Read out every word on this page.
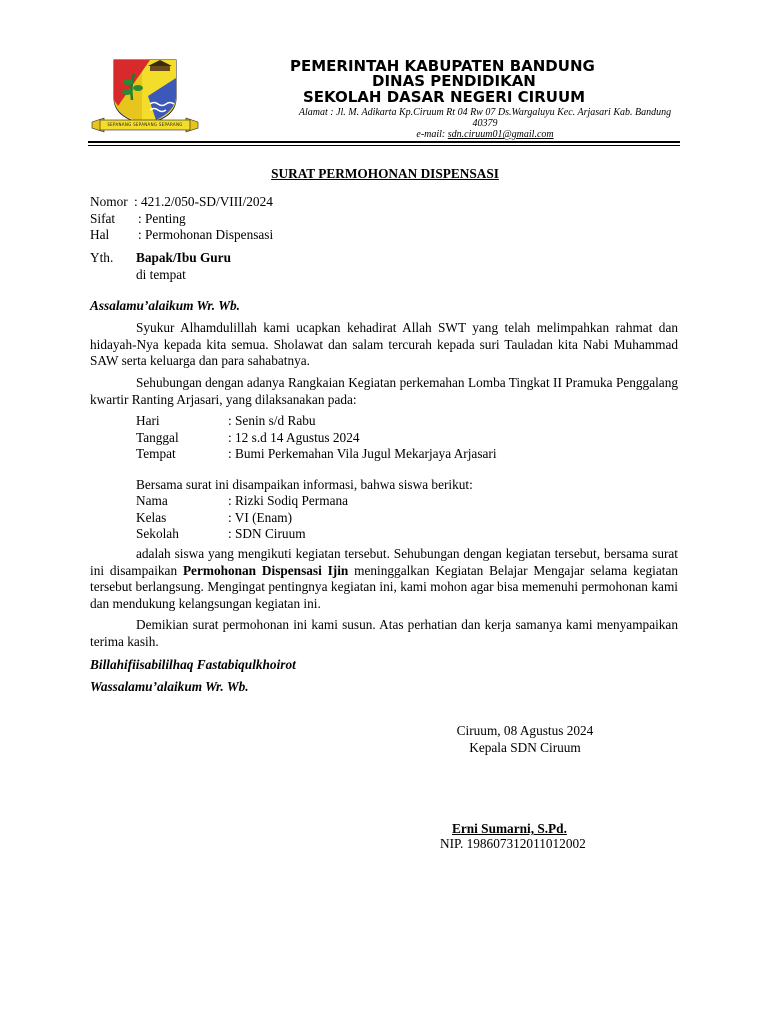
SEPANANG SEPANANG SEPARANG
PEMERINTAH KABUPATEN BANDUNG
DINAS PENDIDIKAN
SEKOLAH DASAR NEGERI CIRUUM
Alamat : Jl. M. Adikarta Kp.Ciruum Rt 04 Rw 07 Ds.Wargaluyu Kec. Arjasari Kab. Bandung 40379
e-mail: sdn.ciruum01@gmail.com
SURAT PERMOHONAN DISPENSASI
Nomor : 421.2/050-SD/VIII/2024
Sifat : Penting
Hal : Permohonan Dispensasi
Yth. Bapak/Ibu Guru
di tempat
Assalamu’alaikum Wr. Wb.
Syukur Alhamdulillah kami ucapkan kehadirat Allah SWT yang telah melimpahkan rahmat dan hidayah-Nya kepada kita semua. Sholawat dan salam tercurah kepada suri Tauladan kita Nabi Muhammad SAW serta keluarga dan para sahabatnya.
Sehubungan dengan adanya Rangkaian Kegiatan perkemahan Lomba Tingkat II Pramuka Penggalang kwartir Ranting Arjasari, yang dilaksanakan pada:
Hari	: Senin s/d Rabu
Tanggal	: 12 s.d 14 Agustus 2024
Tempat	: Bumi Perkemahan Vila Jugul Mekarjaya Arjasari
Bersama surat ini disampaikan informasi, bahwa siswa berikut:
Nama	: Rizki Sodiq Permana
Kelas	: VI (Enam)
Sekolah	: SDN Ciruum
adalah siswa yang mengikuti kegiatan tersebut. Sehubungan dengan kegiatan tersebut, bersama surat ini disampaikan Permohonan Dispensasi Ijin meninggalkan Kegiatan Belajar Mengajar selama kegiatan tersebut berlangsung. Mengingat pentingnya kegiatan ini, kami mohon agar bisa memenuhi permohonan kami dan mendukung kelangsungan kegiatan ini.
Demikian surat permohonan ini kami susun. Atas perhatian dan kerja samanya kami menyampaikan terima kasih.
Billahifiisabililhaq Fastabiqulkhoirot
Wassalamu’alaikum Wr. Wb.
Ciruum, 08 Agustus 2024
Kepala SDN Ciruum
Erni Sumarni, S.Pd.
NIP. 198607312011012002
